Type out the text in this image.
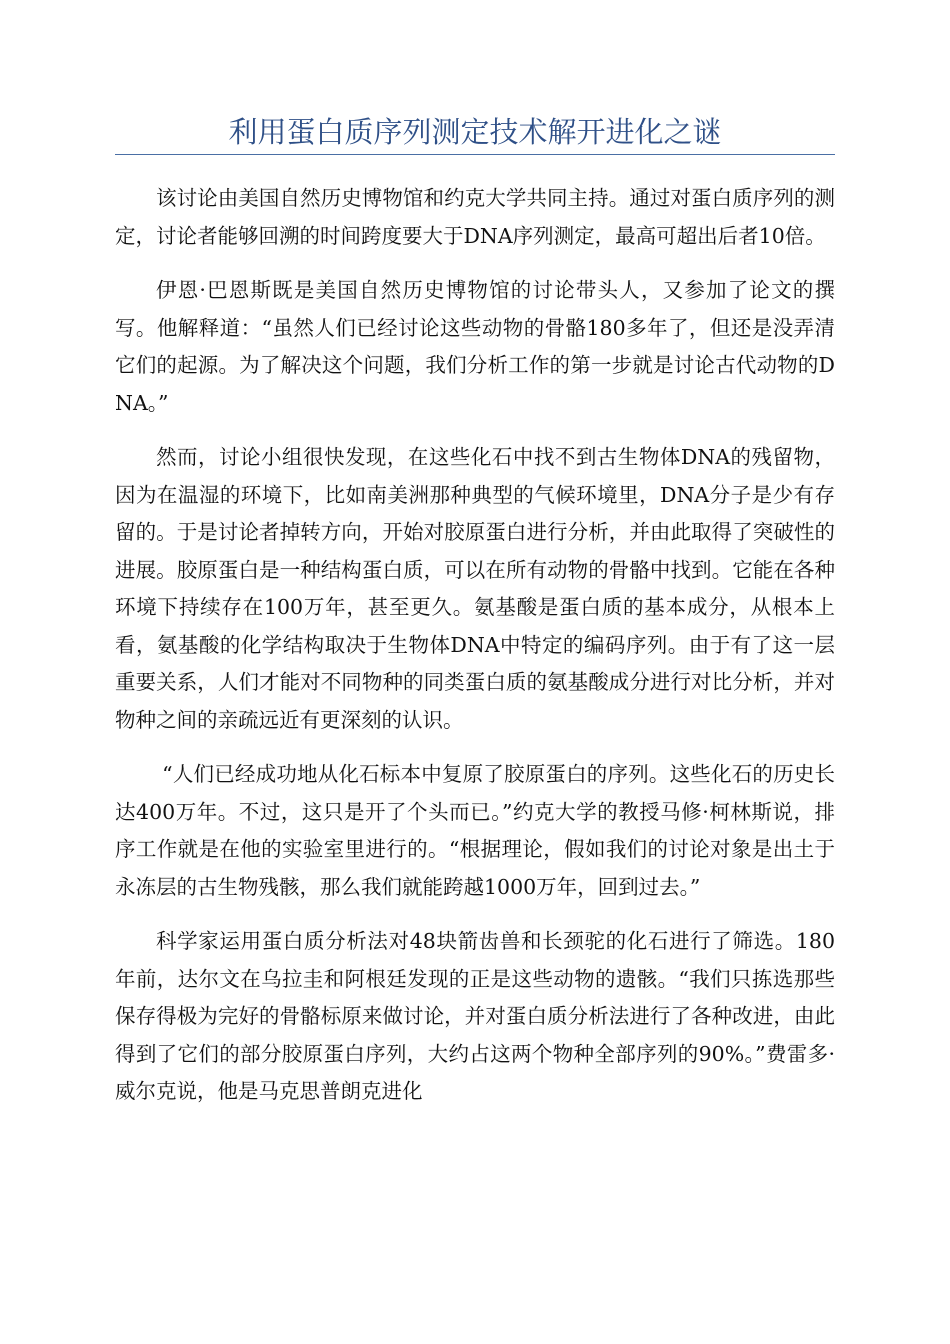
利用蛋白质序列测定技术解开进化之谜

该讨论由美国自然历史博物馆和约克大学共同主持。通过对蛋白质序列的测定，讨论者能够回溯的时间跨度要大于DNA序列测定，最高可超出后者10倍。

伊恩·巴恩斯既是美国自然历史博物馆的讨论带头人，又参加了论文的撰写。他解释道：“虽然人们已经讨论这些动物的骨骼180多年了，但还是没弄清它们的起源。为了解决这个问题，我们分析工作的第一步就是讨论古代动物的DNA。”

然而，讨论小组很快发现，在这些化石中找不到古生物体DNA的残留物，因为在温湿的环境下，比如南美洲那种典型的气候环境里，DNA分子是少有存留的。于是讨论者掉转方向，开始对胶原蛋白进行分析，并由此取得了突破性的进展。胶原蛋白是一种结构蛋白质，可以在所有动物的骨骼中找到。它能在各种环境下持续存在100万年，甚至更久。氨基酸是蛋白质的基本成分，从根本上看，氨基酸的化学结构取决于生物体DNA中特定的编码序列。由于有了这一层重要关系，人们才能对不同物种的同类蛋白质的氨基酸成分进行对比分析，并对物种之间的亲疏远近有更深刻的认识。

“人们已经成功地从化石标本中复原了胶原蛋白的序列。这些化石的历史长达400万年。不过，这只是开了个头而已。”约克大学的教授马修·柯林斯说，排序工作就是在他的实验室里进行的。“根据理论，假如我们的讨论对象是出土于永冻层的古生物残骸，那么我们就能跨越1000万年，回到过去。”

科学家运用蛋白质分析法对48块箭齿兽和长颈驼的化石进行了筛选。180年前，达尔文在乌拉圭和阿根廷发现的正是这些动物的遗骸。“我们只拣选那些保存得极为完好的骨骼标原来做讨论，并对蛋白质分析法进行了各种改进，由此得到了它们的部分胶原蛋白序列，大约占这两个物种全部序列的90%。”费雷多·威尔克说，他是马克思普朗克进化
